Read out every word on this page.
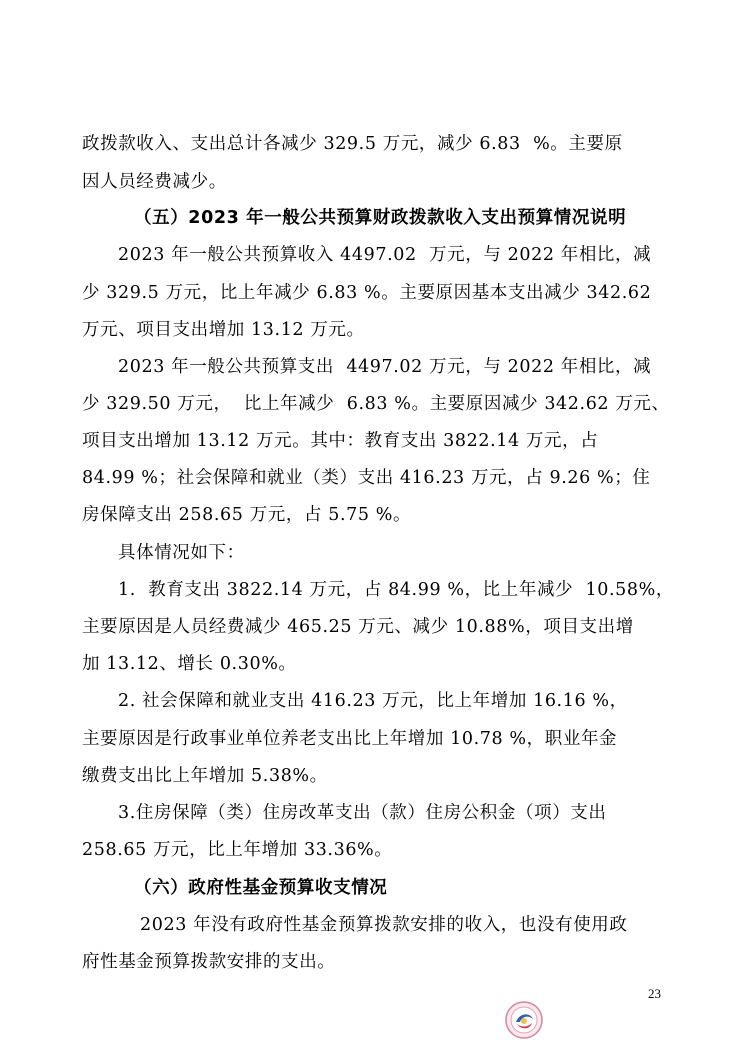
政拨款收入、支出总计各减少 329.5 万元，减少 6.83  %。主要原
因人员经费减少。
（五）2023 年一般公共预算财政拨款收入支出预算情况说明
2023 年一般公共预算收入 4497.02  万元，与 2022 年相比，减
少 329.5 万元，比上年减少 6.83 %。主要原因基本支出减少 342.62
万元、项目支出增加 13.12 万元。
2023 年一般公共预算支出  4497.02 万元，与 2022 年相比，减
少 329.50 万元，  比上年减少  6.83 %。主要原因减少 342.62 万元、
项目支出增加 13.12 万元。其中：教育支出 3822.14 万元，占
84.99 %；社会保障和就业（类）支出 416.23 万元，占 9.26 %；住
房保障支出 258.65 万元，占 5.75 %。
具体情况如下：
1.  教育支出 3822.14 万元，占 84.99 %，比上年减少  10.58%，
主要原因是人员经费减少 465.25 万元、减少 10.88%，项目支出增
加 13.12、增长 0.30%。
2. 社会保障和就业支出 416.23 万元，比上年增加 16.16 %，
主要原因是行政事业单位养老支出比上年增加 10.78 %，职业年金
缴费支出比上年增加 5.38%。
3.住房保障（类）住房改革支出（款）住房公积金（项）支出
258.65 万元，比上年增加 33.36%。
（六）政府性基金预算收支情况
2023 年没有政府性基金预算拨款安排的收入，也没有使用政
府性基金预算拨款安排的支出。
23
